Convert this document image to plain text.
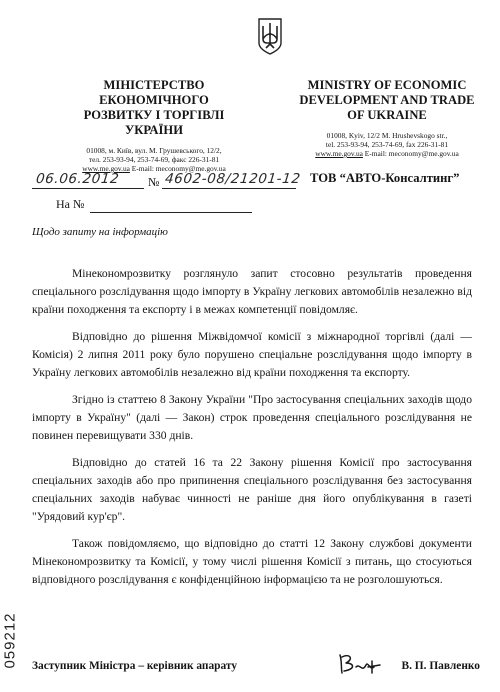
МІНІСТЕРСТВО ЕКОНОМІЧНОГО
РОЗВИТКУ І ТОРГІВЛІ
УКРАЇНИ
01008, м. Київ, вул. М. Грушевського, 12/2,
тел. 253-93-94, 253-74-69, факс 226-31-81
www.me.gov.ua E-mail: meconomy@me.gov.ua
MINISTRY OF ECONOMIC
DEVELOPMENT AND TRADE
OF UKRAINE
01008, Kyiv, 12/2 M. Hrushevskogo str.,
tel. 253-93-94, 253-74-69, fax 226-31-81
www.me.gov.ua E-mail: meconomy@me.gov.ua
06.06.2012 № 4602-08/21201-12 ТОВ “АВТО-Консалтинг”
На №
Щодо запиту на інформацію

Мінекономрозвитку розглянуло запит стосовно результатів проведення спеціального розслідування щодо імпорту в Україну легкових автомобілів незалежно від країни походження та експорту і в межах компетенції повідомляє.

Відповідно до рішення Міжвідомчої комісії з міжнародної торгівлі (далі — Комісія) 2 липня 2011 року було порушено спеціальне розслідування щодо імпорту в Україну легкових автомобілів незалежно від країни походження та експорту.

Згідно із статтею 8 Закону України "Про застосування спеціальних заходів щодо імпорту в Україну" (далі — Закон) строк проведення спеціального розслідування не повинен перевищувати 330 днів.

Відповідно до статей 16 та 22 Закону рішення Комісії про застосування спеціальних заходів або про припинення спеціального розслідування без застосування спеціальних заходів набуває чинності не раніше дня його опублікування в газеті "Урядовий кур'єр".

Також повідомляємо, що відповідно до статті 12 Закону службові документи Мінекономрозвитку та Комісії, у тому числі рішення Комісії з питань, що стосуються відповідного розслідування є конфіденційною інформацією та не розголошуються.

Заступник Міністра – керівник апарату	В. П. Павленко
059212
